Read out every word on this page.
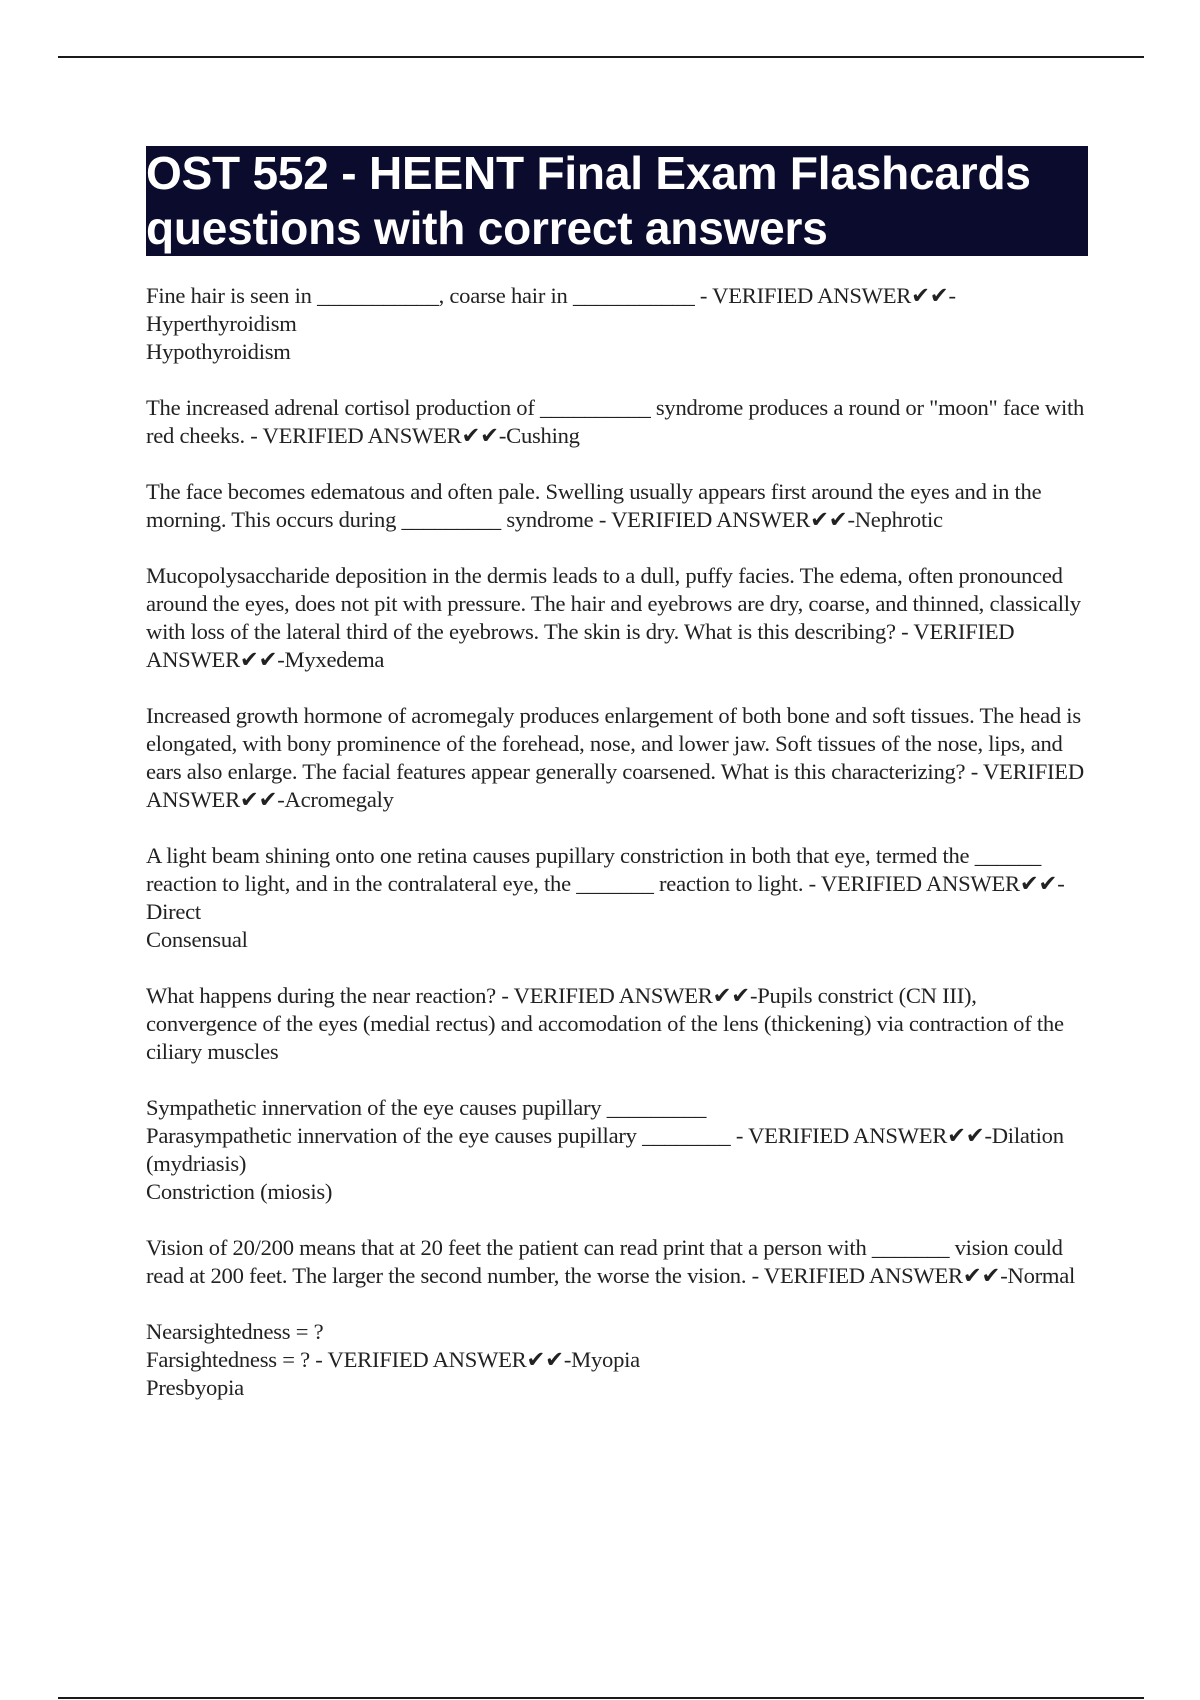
OST 552 - HEENT Final Exam Flashcards questions with correct answers

Fine hair is seen in ___________, coarse hair in ___________ - VERIFIED ANSWER✔✔-Hyperthyroidism
Hypothyroidism

The increased adrenal cortisol production of __________ syndrome produces a round or "moon" face with red cheeks. - VERIFIED ANSWER✔✔-Cushing

The face becomes edematous and often pale. Swelling usually appears first around the eyes and in the morning. This occurs during _________ syndrome - VERIFIED ANSWER✔✔-Nephrotic

Mucopolysaccharide deposition in the dermis leads to a dull, puffy facies. The edema, often pronounced around the eyes, does not pit with pressure. The hair and eyebrows are dry, coarse, and thinned, classically with loss of the lateral third of the eyebrows. The skin is dry. What is this describing? - VERIFIED ANSWER✔✔-Myxedema

Increased growth hormone of acromegaly produces enlargement of both bone and soft tissues. The head is elongated, with bony prominence of the forehead, nose, and lower jaw. Soft tissues of the nose, lips, and ears also enlarge. The facial features appear generally coarsened. What is this characterizing? - VERIFIED ANSWER✔✔-Acromegaly

A light beam shining onto one retina causes pupillary constriction in both that eye, termed the ______ reaction to light, and in the contralateral eye, the _______ reaction to light. - VERIFIED ANSWER✔✔-Direct
Consensual

What happens during the near reaction? - VERIFIED ANSWER✔✔-Pupils constrict (CN III), convergence of the eyes (medial rectus) and accomodation of the lens (thickening) via contraction of the ciliary muscles

Sympathetic innervation of the eye causes pupillary _________
Parasympathetic innervation of the eye causes pupillary ________ - VERIFIED ANSWER✔✔-Dilation (mydriasis)
Constriction (miosis)

Vision of 20/200 means that at 20 feet the patient can read print that a person with _______ vision could read at 200 feet. The larger the second number, the worse the vision. - VERIFIED ANSWER✔✔-Normal

Nearsightedness = ?
Farsightedness = ? - VERIFIED ANSWER✔✔-Myopia
Presbyopia
